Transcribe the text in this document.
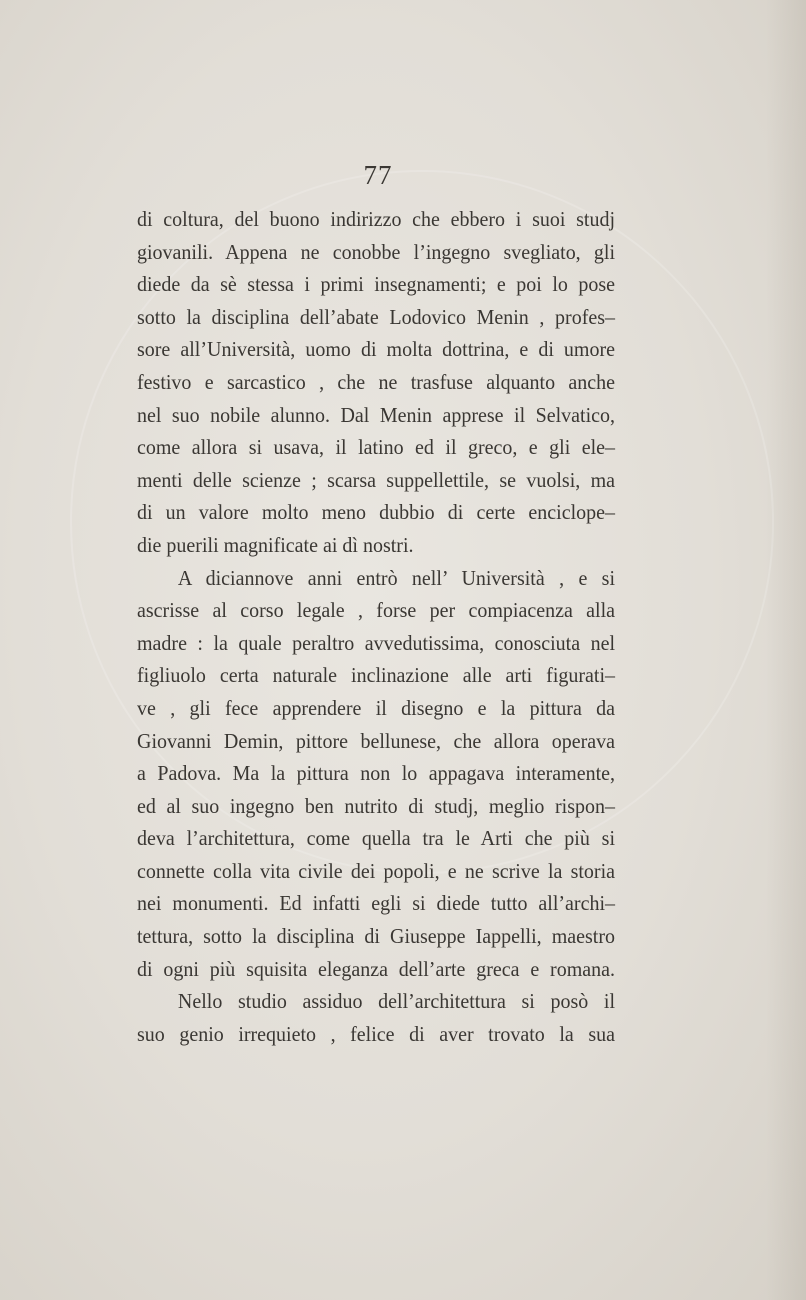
77
di coltura, del buono indirizzo che ebbero i suoi studj
giovanili. Appena ne conobbe l’ingegno svegliato, gli
diede da sè stessa i primi insegnamenti; e poi lo pose
sotto la disciplina dell’abate Lodovico Menin , profes–
sore all’Università, uomo di molta dottrina, e di umore
festivo e sarcastico , che ne trasfuse alquanto anche
nel suo nobile alunno. Dal Menin apprese il Selvatico,
come allora si usava, il latino ed il greco, e gli ele–
menti delle scienze ; scarsa suppellettile, se vuolsi, ma
di un valore molto meno dubbio di certe enciclope–
die puerili magnificate ai dì nostri.
A diciannove anni entrò nell’ Università , e si
ascrisse al corso legale , forse per compiacenza alla
madre : la quale peraltro avvedutissima, conosciuta nel
figliuolo certa naturale inclinazione alle arti figurati–
ve , gli fece apprendere il disegno e la pittura da
Giovanni Demin, pittore bellunese, che allora operava
a Padova. Ma la pittura non lo appagava interamente,
ed al suo ingegno ben nutrito di studj, meglio rispon–
deva l’architettura, come quella tra le Arti che più si
connette colla vita civile dei popoli, e ne scrive la storia
nei monumenti. Ed infatti egli si diede tutto all’archi–
tettura, sotto la disciplina di Giuseppe Iappelli, maestro
di ogni più squisita eleganza dell’arte greca e romana.
Nello studio assiduo dell’architettura si posò il
suo genio irrequieto , felice di aver trovato la sua
